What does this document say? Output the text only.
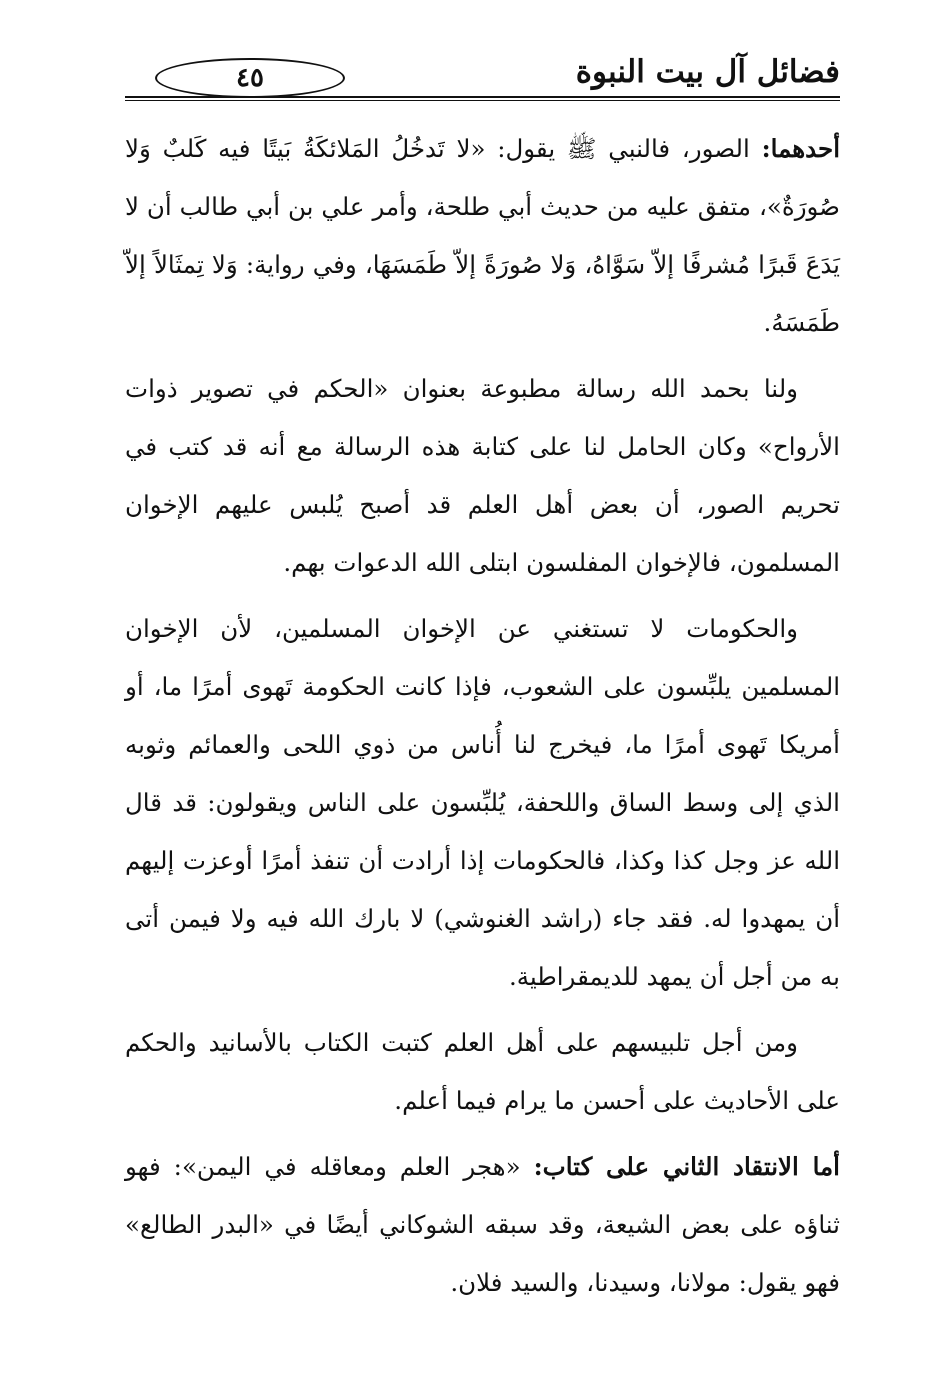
فضائل آل بيت النبوة
٤٥

أحدهما: الصور، فالنبي ﷺ يقول: «لا تَدخُلُ المَلائكَةُ بَيتًا فيه كَلبٌ وَلا صُورَةٌ»، متفق عليه من حديث أبي طلحة، وأمر علي بن أبي طالب أن لا يَدَعَ قَبرًا مُشرفًا إلاّ سَوَّاهُ، وَلا صُورَةً إلاّ طَمَسَهَا، وفي رواية: وَلا تِمثَالاً إلاّ طَمَسَهُ.

ولنا بحمد الله رسالة مطبوعة بعنوان «الحكم في تصوير ذوات الأرواح» وكان الحامل لنا على كتابة هذه الرسالة مع أنه قد كتب في تحريم الصور، أن بعض أهل العلم قد أصبح يُلبس عليهم الإخوان المسلمون، فالإخوان المفلسون ابتلى الله الدعوات بهم.

والحكومات لا تستغني عن الإخوان المسلمين، لأن الإخوان المسلمين يلبِّسون على الشعوب، فإذا كانت الحكومة تَهوى أمرًا ما، أو أمريكا تَهوى أمرًا ما، فيخرج لنا أُناس من ذوي اللحى والعمائم وثوبه الذي إلى وسط الساق واللحفة، يُلبِّسون على الناس ويقولون: قد قال الله عز وجل كذا وكذا، فالحكومات إذا أرادت أن تنفذ أمرًا أوعزت إليهم أن يمهدوا له. فقد جاء (راشد الغنوشي) لا بارك الله فيه ولا فيمن أتى به من أجل أن يمهد للديمقراطية.

ومن أجل تلبيسهم على أهل العلم كتبت الكتاب بالأسانيد والحكم على الأحاديث على أحسن ما يرام فيما أعلم.

أما الانتقاد الثاني على كتاب: «هجر العلم ومعاقله في اليمن»: فهو ثناؤه على بعض الشيعة، وقد سبقه الشوكاني أيضًا في «البدر الطالع» فهو يقول: مولانا، وسيدنا، والسيد فلان.
